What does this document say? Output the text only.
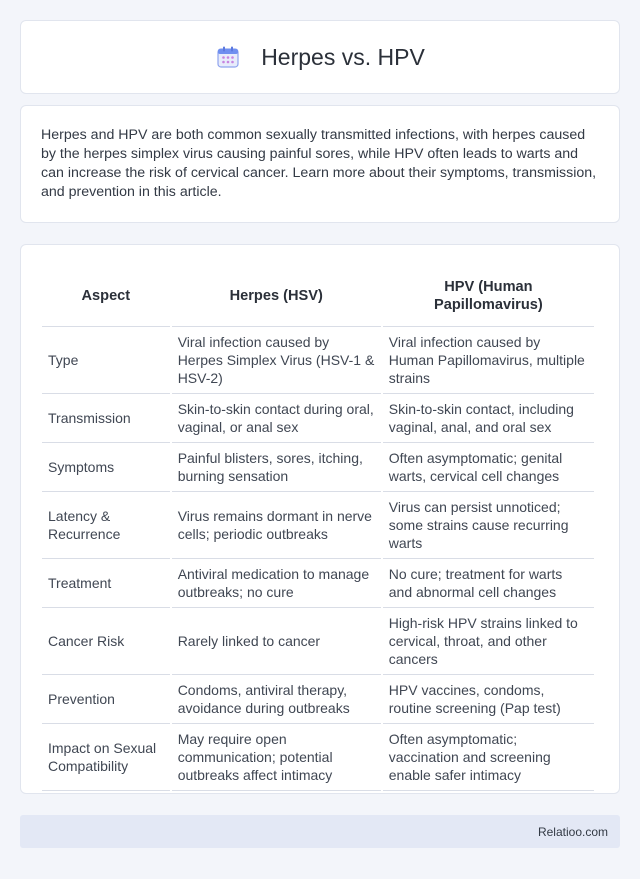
Herpes vs. HPV

Herpes and HPV are both common sexually transmitted infections, with herpes caused by the herpes simplex virus causing painful sores, while HPV often leads to warts and can increase the risk of cervical cancer. Learn more about their symptoms, transmission, and prevention in this article.

Aspect	Herpes (HSV)	HPV (Human Papillomavirus)
Type	Viral infection caused by Herpes Simplex Virus (HSV-1 & HSV-2)	Viral infection caused by Human Papillomavirus, multiple strains
Transmission	Skin-to-skin contact during oral, vaginal, or anal sex	Skin-to-skin contact, including vaginal, anal, and oral sex
Symptoms	Painful blisters, sores, itching, burning sensation	Often asymptomatic; genital warts, cervical cell changes
Latency & Recurrence	Virus remains dormant in nerve cells; periodic outbreaks	Virus can persist unnoticed; some strains cause recurring warts
Treatment	Antiviral medication to manage outbreaks; no cure	No cure; treatment for warts and abnormal cell changes
Cancer Risk	Rarely linked to cancer	High-risk HPV strains linked to cervical, throat, and other cancers
Prevention	Condoms, antiviral therapy, avoidance during outbreaks	HPV vaccines, condoms, routine screening (Pap test)
Impact on Sexual Compatibility	May require open communication; potential outbreaks affect intimacy	Often asymptomatic; vaccination and screening enable safer intimacy
Relatioo.com
